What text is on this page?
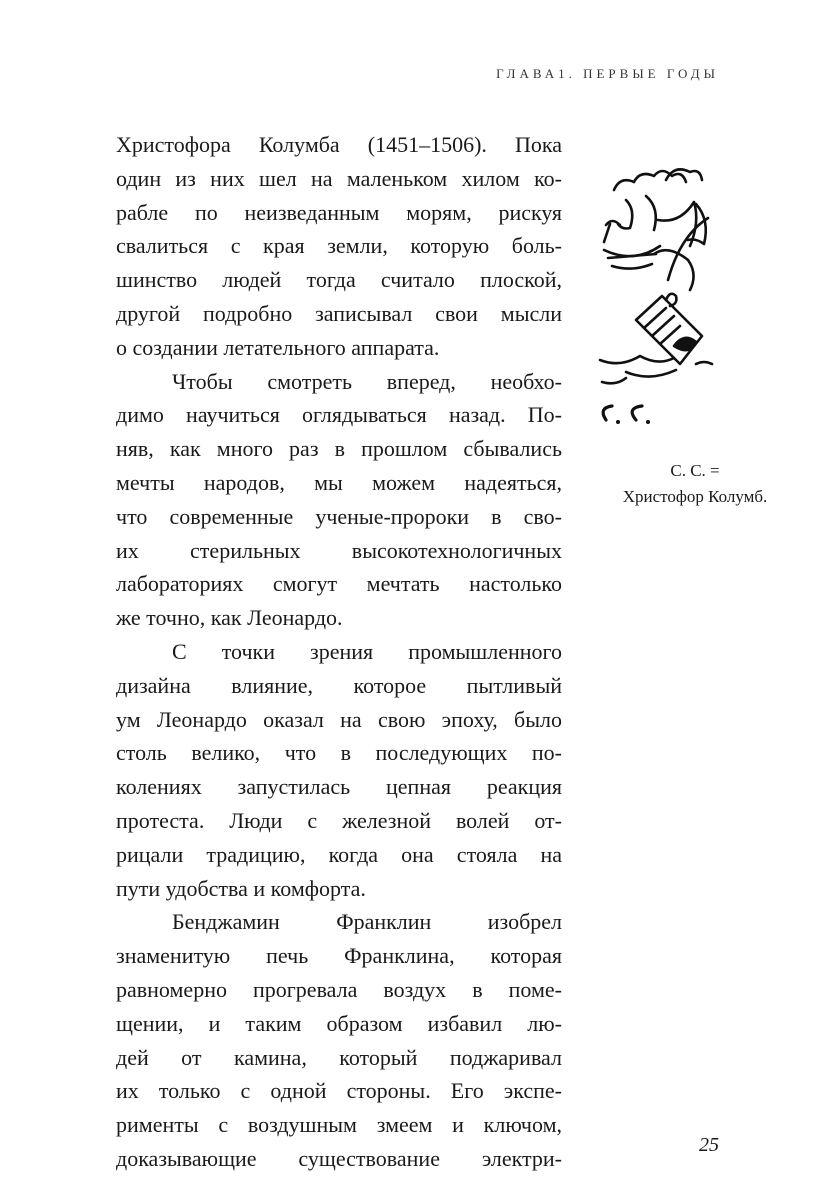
ГЛАВА1. ПЕРВЫЕ ГОДЫ
Христофора Колумба (1451–1506). Пока
один из них шел на маленьком хилом ко-
рабле по неизведанным морям, рискуя
свалиться с края земли, которую боль-
шинство людей тогда считало плоской,
другой подробно записывал свои мысли
о создании летательного аппарата.
Чтобы смотреть вперед, необхо-
димо научиться оглядываться назад. По-
няв, как много раз в прошлом сбывались
мечты народов, мы можем надеяться,
что современные ученые-пророки в сво-
их стерильных высокотехнологичных
лабораториях смогут мечтать настолько
же точно, как Леонардо.
С точки зрения промышленного
дизайна влияние, которое пытливый
ум Леонардо оказал на свою эпоху, было
столь велико, что в последующих по-
колениях запустилась цепная реакция
протеста. Люди с железной волей от-
рицали традицию, когда она стояла на
пути удобства и комфорта.
Бенджамин Франклин изобрел
знаменитую печь Франклина, которая
равномерно прогревала воздух в поме-
щении, и таким образом избавил лю-
дей от камина, который поджаривал
их только с одной стороны. Его экспе-
рименты с воздушным змеем и ключом,
доказывающие существование электри-
С. С. =
Христофор Колумб.
25
